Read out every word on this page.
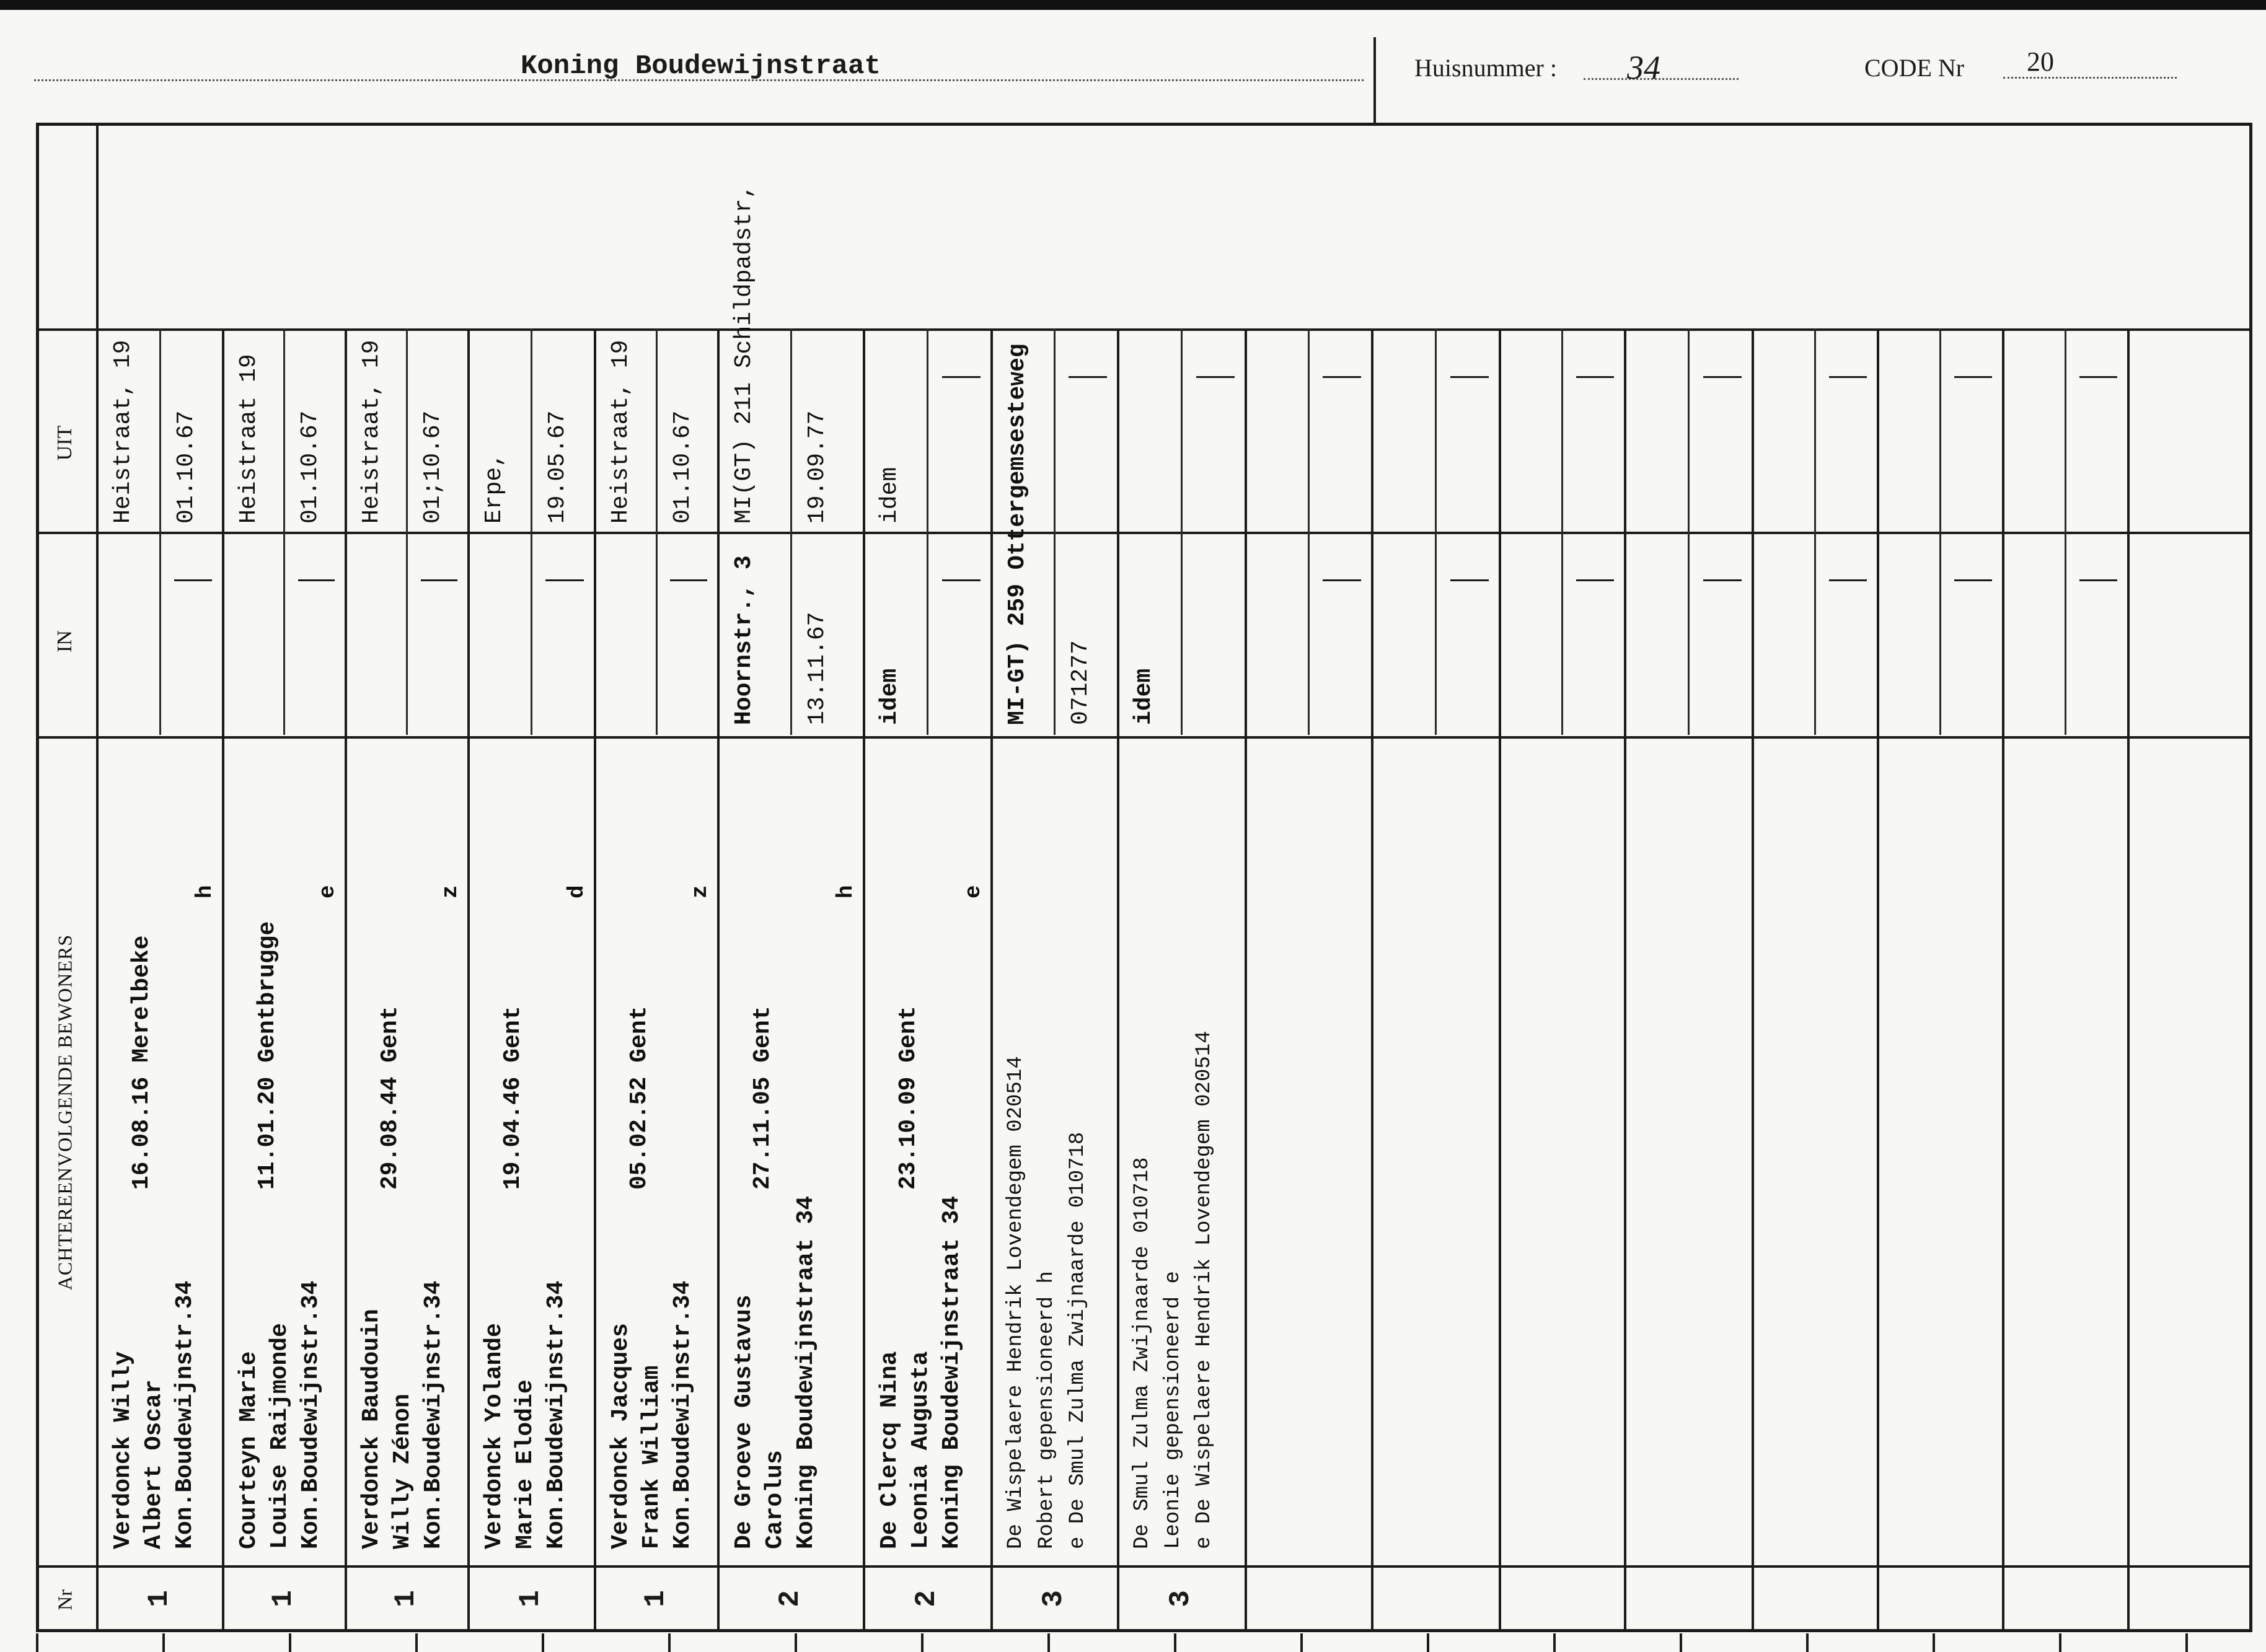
Koning Boudewijnstraat	Huisnummer : 34	CODE Nr 20
1
Verdonck Willy Albert Oscar Kon.Boudewijnstr.34
16.08.16 Merelbeke
h
Heistraat, 19 01.10.67
1
Courteyn Marie Louise Raijmonde Kon.Boudewijnstr.34
11.01.20 Gentbrugge
e
Heistraat 19 01.10.67
1
Verdonck Baudouin Willy Zénon Kon.Boudewijnstr.34
29.08.44 Gent
z
Heistraat, 19 01;10.67
1
Verdonck Yolande Marie Elodie Kon.Boudewijnstr.34
19.04.46 Gent
d
Erpe, 19.05.67
1
Verdonck Jacques Frank William Kon.Boudewijnstr.34
05.02.52 Gent
z
Heistraat, 19 01.10.67
2
De Groeve Gustavus Carolus Koning Boudewijnstraat 34
27.11.05 Gent
h
MI(GT) 211 Schildpadstr, 19.09.77
Hoornstr., 3 13.11.67
2
De Clercq Nina Leonia Augusta Koning Boudewijnstraat 34
23.10.09 Gent
e
idem
idem
3
De Wispelaere Hendrik Lovendegem 020514 Robert gepensioneerd h e De Smul Zulma Zwijnaarde 010718
MI-GT) 259 Ottergemsesteweg 071277
3
De Smul Zulma Zwijnaarde 010718 Leonie gepensioneerd e e De Wispelaere Hendrik Lovendegem 020514
idem
UIT
IN
ACHTEREENVOLGENDE BEWONERS
Nr
